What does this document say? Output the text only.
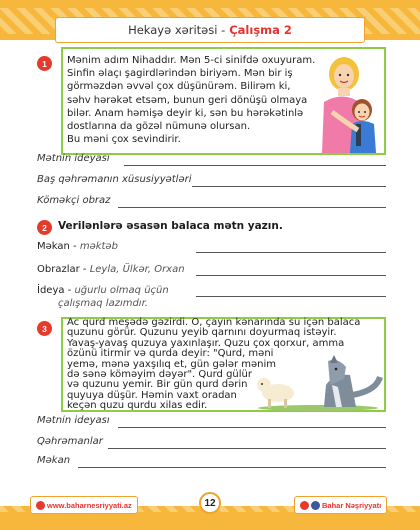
Hekayə xəritəsi - Çalışma 2
1	Mənim adım Nihaddır. Mən 5-ci sinifdə oxuyuram.
Sinfin əlaçı şagirdlərindən biriyəm. Mən bir iş
görməzdən əvvəl çox düşünürəm. Bilirəm ki,
səhv hərəkət etsəm, bunun geri dönüşü olmaya
bilər. Anam həmişə deyir ki, sən bu hərəkətinlə
dostlarına da gözəl nümunə olursan.
Bu məni çox sevindirir.
Mətnin ideyası
Baş qəhrəmanın xüsusiyyətləri
Köməkçi obraz
2	Verilənlərə əsasən balaca mətn yazın.
Məkan - məktəb
Obrazlar - Leyla, Ülkər, Orxan
İdeya - uğurlu olmaq üçün
çalışmaq lazımdır.
3
Ac qurd meşədə gəzirdi. O, çayın kənarında su içən balaca
quzunu görür. Quzunu yeyib qarnını doyurmaq istəyir.
Yavaş-yavaş quzuya yaxınlaşır. Quzu çox qorxur, amma
özünü itirmir və qurda deyir: "Qurd, məni
yemə, mənə yaxşılıq et, gün gələr mənim
də sənə köməyim dəyər". Qurd gülür
və quzunu yemir. Bir gün qurd dərin
quyuya düşür. Həmin vaxt oradan
keçən quzu qurdu xilas edir.
Mətnin ideyası
Qəhrəmanlar
Məkan
www.baharnesriyyati.az	12	Bahar Nəşriyyatı
